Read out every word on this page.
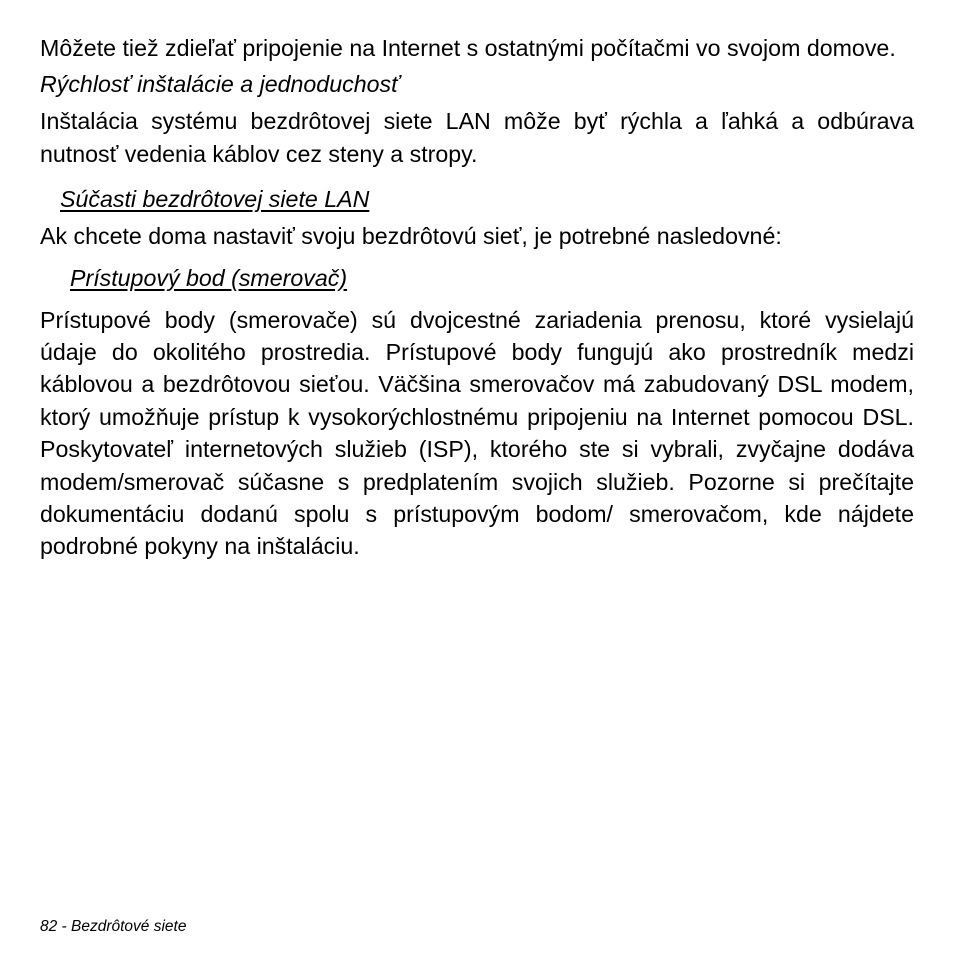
Môžete tiež zdieľať pripojenie na Internet s ostatnými počítačmi vo svojom domove.

Rýchlosť inštalácie a jednoduchosť

Inštalácia systému bezdrôtovej siete LAN môže byť rýchla a ľahká a odbúrava nutnosť vedenia káblov cez steny a stropy.

Súčasti bezdrôtovej siete LAN

Ak chcete doma nastaviť svoju bezdrôtovú sieť, je potrebné nasledovné:

Prístupový bod (smerovač)

Prístupové body (smerovače) sú dvojcestné zariadenia prenosu, ktoré vysielajú údaje do okolitého prostredia. Prístupové body fungujú ako prostredník medzi káblovou a bezdrôtovou sieťou. Väčšina smerovačov má zabudovaný DSL modem, ktorý umožňuje prístup k vysokorýchlostnému pripojeniu na Internet pomocou DSL. Poskytovateľ internetových služieb (ISP), ktorého ste si vybrali, zvyčajne dodáva modem/smerovač súčasne s predplatením svojich služieb. Pozorne si prečítajte dokumentáciu dodanú spolu s prístupovým bodom/ smerovačom, kde nájdete podrobné pokyny na inštaláciu.

82 - Bezdrôtové siete
